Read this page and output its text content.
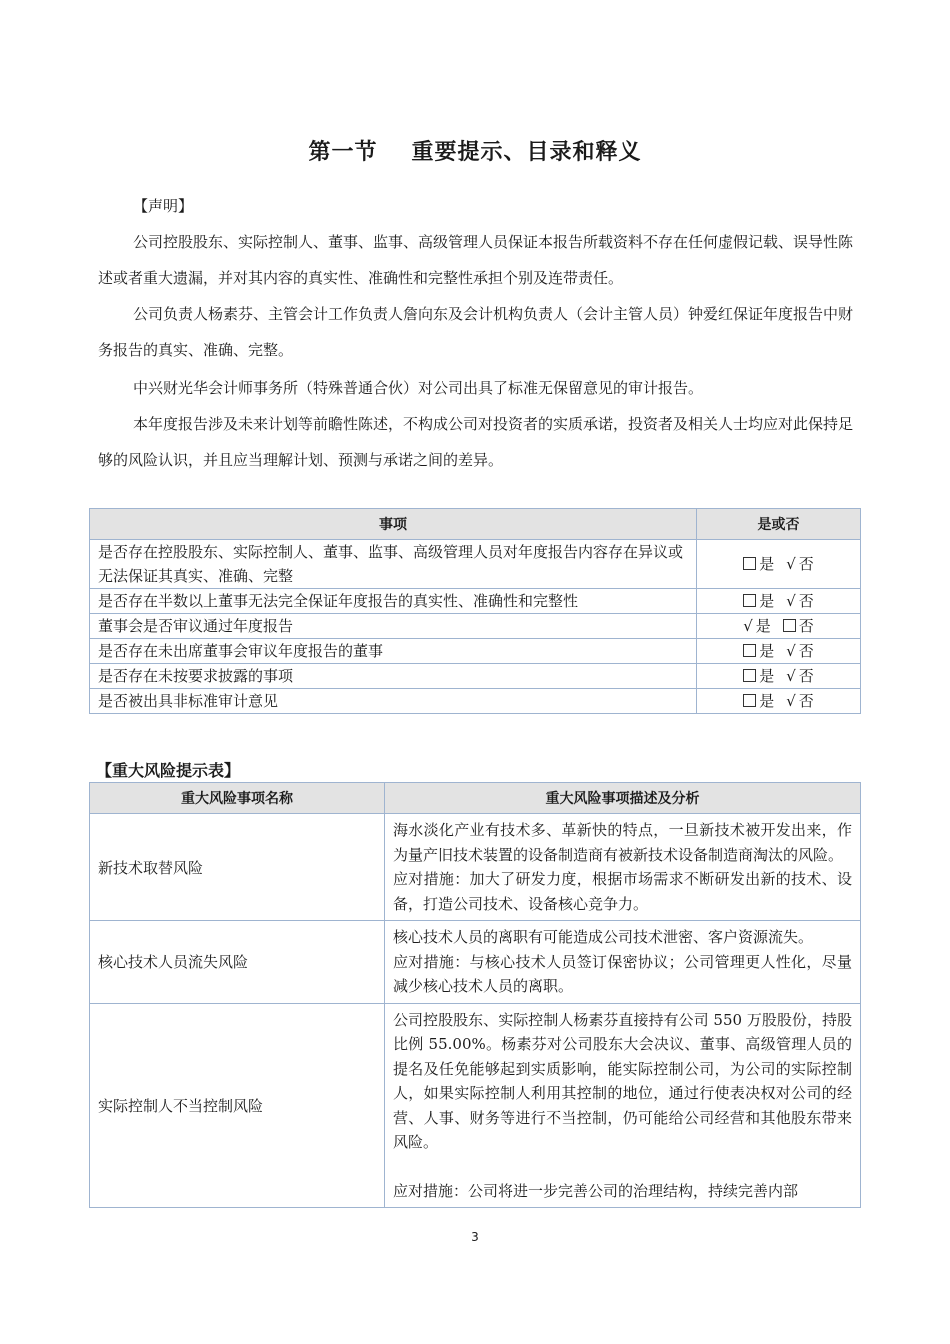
第一节 重要提示、目录和释义

【声明】

公司控股股东、实际控制人、董事、监事、高级管理人员保证本报告所载资料不存在任何虚假记载、误导性陈述或者重大遗漏，并对其内容的真实性、准确性和完整性承担个别及连带责任。

公司负责人杨素芬、主管会计工作负责人詹向东及会计机构负责人（会计主管人员）钟爱红保证年度报告中财务报告的真实、准确、完整。

中兴财光华会计师事务所（特殊普通合伙）对公司出具了标准无保留意见的审计报告。

本年度报告涉及未来计划等前瞻性陈述，不构成公司对投资者的实质承诺，投资者及相关人士均应对此保持足够的风险认识，并且应当理解计划、预测与承诺之间的差异。

事项	是或否
是否存在控股股东、实际控制人、董事、监事、高级管理人员对年度报告内容存在异议或无法保证其真实、准确、完整	是 √ 否
是否存在半数以上董事无法完全保证年度报告的真实性、准确性和完整性	是 √ 否
董事会是否审议通过年度报告	√ 是 否
是否存在未出席董事会审议年度报告的董事	是 √ 否
是否存在未按要求披露的事项	是 √ 否
是否被出具非标准审计意见	是 √ 否
【重大风险提示表】
重大风险事项名称	重大风险事项描述及分析
新技术取替风险	海水淡化产业有技术多、革新快的特点，一旦新技术被开发出来，作为量产旧技术装置的设备制造商有被新技术设备制造商淘汰的风险。
应对措施：加大了研发力度，根据市场需求不断研发出新的技术、设备，打造公司技术、设备核心竞争力。

核心技术人员流失风险	核心技术人员的离职有可能造成公司技术泄密、客户资源流失。
应对措施：与核心技术人员签订保密协议；公司管理更人性化，尽量减少核心技术人员的离职。

实际控制人不当控制风险	公司控股股东、实际控制人杨素芬直接持有公司 550 万股股份，持股比例 55.00%。杨素芬对公司股东大会决议、董事、高级管理人员的提名及任免能够起到实质影响，能实际控制公司，为公司的实际控制人，如果实际控制人利用其控制的地位，通过行使表决权对公司的经营、人事、财务等进行不当控制，仍可能给公司经营和其他股东带来风险。
应对措施：公司将进一步完善公司的治理结构，持续完善内部
3
